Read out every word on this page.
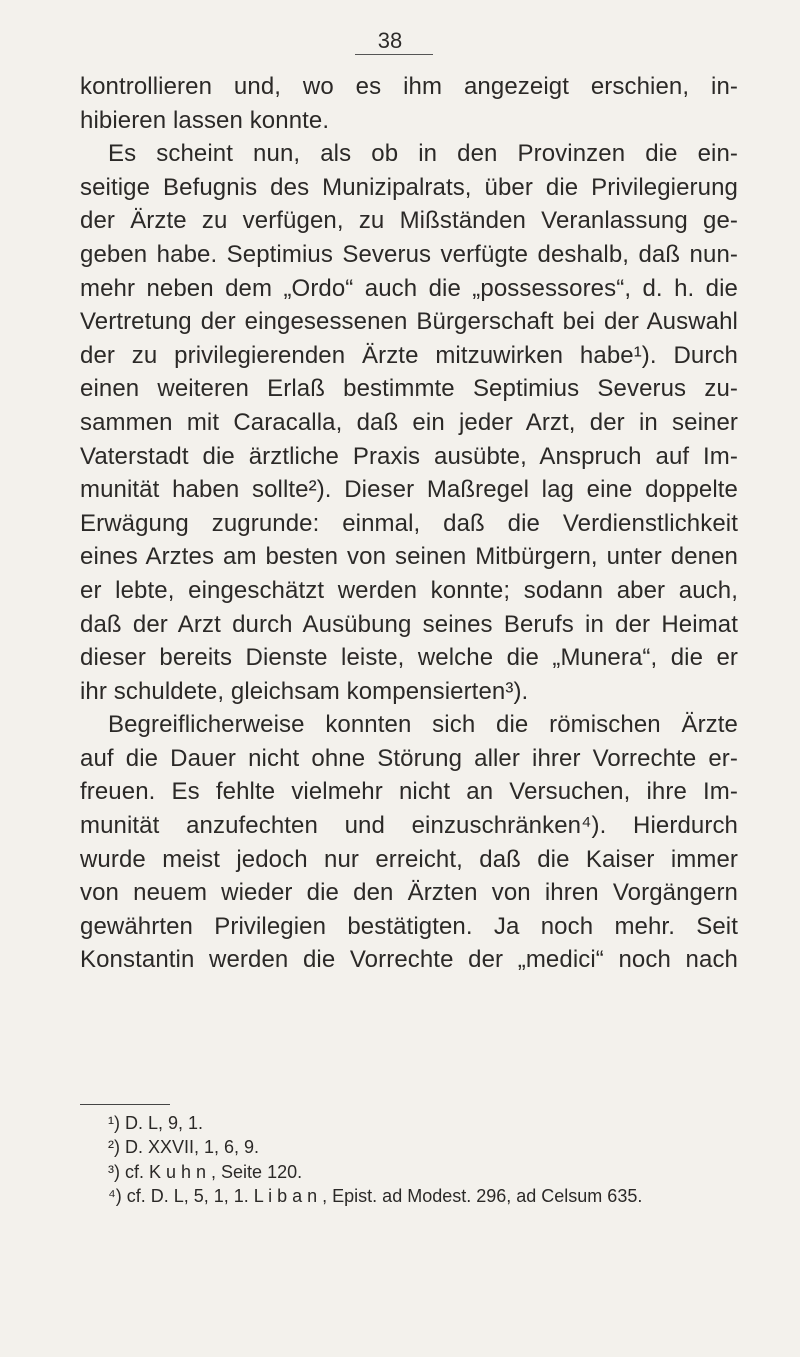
38
kontrollieren und, wo es ihm angezeigt erschien, in-
hibieren lassen konnte.
Es scheint nun, als ob in den Provinzen die ein-
seitige Befugnis des Munizipalrats, über die Privilegierung
der Ärzte zu verfügen, zu Mißständen Veranlassung ge-
geben habe. Septimius Severus verfügte deshalb, daß nun-
mehr neben dem „Ordo“ auch die „possessores“, d. h. die
Vertretung der eingesessenen Bürgerschaft bei der Auswahl
der zu privilegierenden Ärzte mitzuwirken habe¹). Durch
einen weiteren Erlaß bestimmte Septimius Severus zu-
sammen mit Caracalla, daß ein jeder Arzt, der in seiner
Vaterstadt die ärztliche Praxis ausübte, Anspruch auf Im-
munität haben sollte²). Dieser Maßregel lag eine doppelte
Erwägung zugrunde: einmal, daß die Verdienstlichkeit
eines Arztes am besten von seinen Mitbürgern, unter denen
er lebte, eingeschätzt werden konnte; sodann aber auch,
daß der Arzt durch Ausübung seines Berufs in der Heimat
dieser bereits Dienste leiste, welche die „Munera“, die er
ihr schuldete, gleichsam kompensierten³).
Begreiflicherweise konnten sich die römischen Ärzte
auf die Dauer nicht ohne Störung aller ihrer Vorrechte er-
freuen. Es fehlte vielmehr nicht an Versuchen, ihre Im-
munität anzufechten und einzuschränken⁴). Hierdurch
wurde meist jedoch nur erreicht, daß die Kaiser immer
von neuem wieder die den Ärzten von ihren Vorgängern
gewährten Privilegien bestätigten. Ja noch mehr. Seit
Konstantin werden die Vorrechte der „medici“ noch nach
¹) D. L, 9, 1.
²) D. XXVII, 1, 6, 9.
³) cf. K u h n , Seite 120.
⁴) cf. D. L, 5, 1, 1. L i b a n , Epist. ad Modest. 296, ad Celsum 635.
